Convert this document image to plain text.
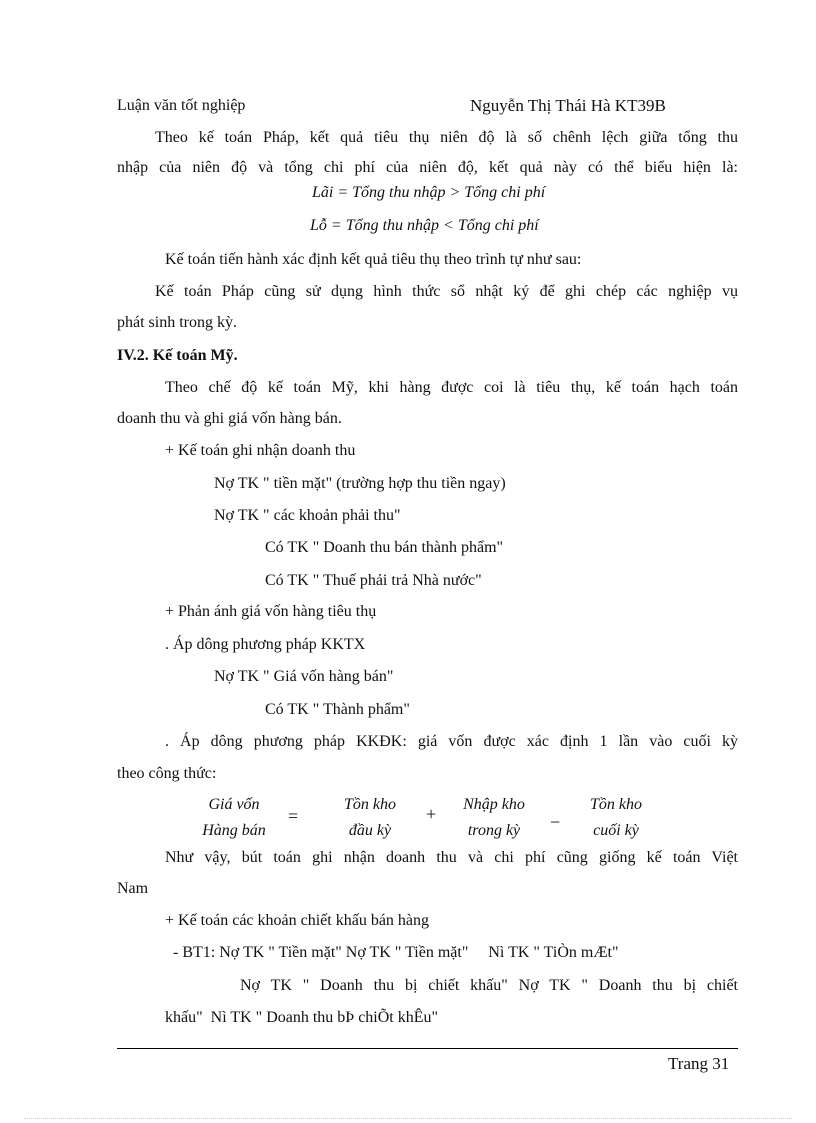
Luận văn tốt nghiệp	Nguyễn Thị Thái Hà KT39B
Theo kế toán Pháp, kết quả tiêu thụ niên độ là số chênh lệch giữa tổng thu
nhập của niên độ và tổng chi phí của niên độ, kết quả này có thể biểu hiện là:
Lãi = Tổng thu nhập > Tổng chi phí
Lỗ = Tổng thu nhập < Tổng chi phí
Kế toán tiến hành xác định kết quả tiêu thụ theo trình tự như sau:
Kế toán Pháp cũng sử dụng hình thức sổ nhật ký để ghi chép các nghiệp vụ
phát sinh trong kỳ.
IV.2. Kế toán Mỹ.
Theo chế độ kế toán Mỹ, khi hàng được coi là tiêu thụ, kế toán hạch toán
doanh thu và ghi giá vốn hàng bán.
+ Kế toán ghi nhận doanh thu
Nợ TK " tiền mặt" (trường hợp thu tiền ngay)
Nợ TK " các khoản phải thu"
Có TK " Doanh thu bán thành phẩm"
Có TK " Thuế phải trả Nhà nước"
+ Phản ánh giá vốn hàng tiêu thụ
. Áp dông phương pháp KKTX
Nợ TK " Giá vốn hàng bán"
Có TK " Thành phẩm"
. Áp dông phương pháp KKĐK: giá vốn được xác định 1 lần vào cuối kỳ
theo công thức:
Giá vốn
Hàng bán
=
Tồn kho
đầu kỳ
+	Nhập kho
trong kỳ	−
Tồn kho
cuối kỳ
Như vậy, bút toán ghi nhận doanh thu và chi phí cũng giống kế toán Việt
Nam
+ Kế toán các khoản chiết khấu bán hàng
- BT1: Nợ TK " Tiền mặt" Nợ TK " Tiền mặt"     Nì TK " TiÒn mÆt"
Nợ TK " Doanh thu bị chiết khấu" Nợ TK " Doanh thu bị chiết
khấu"  Nì TK " Doanh thu bÞ chiÕt khÊu"
Trang 31
